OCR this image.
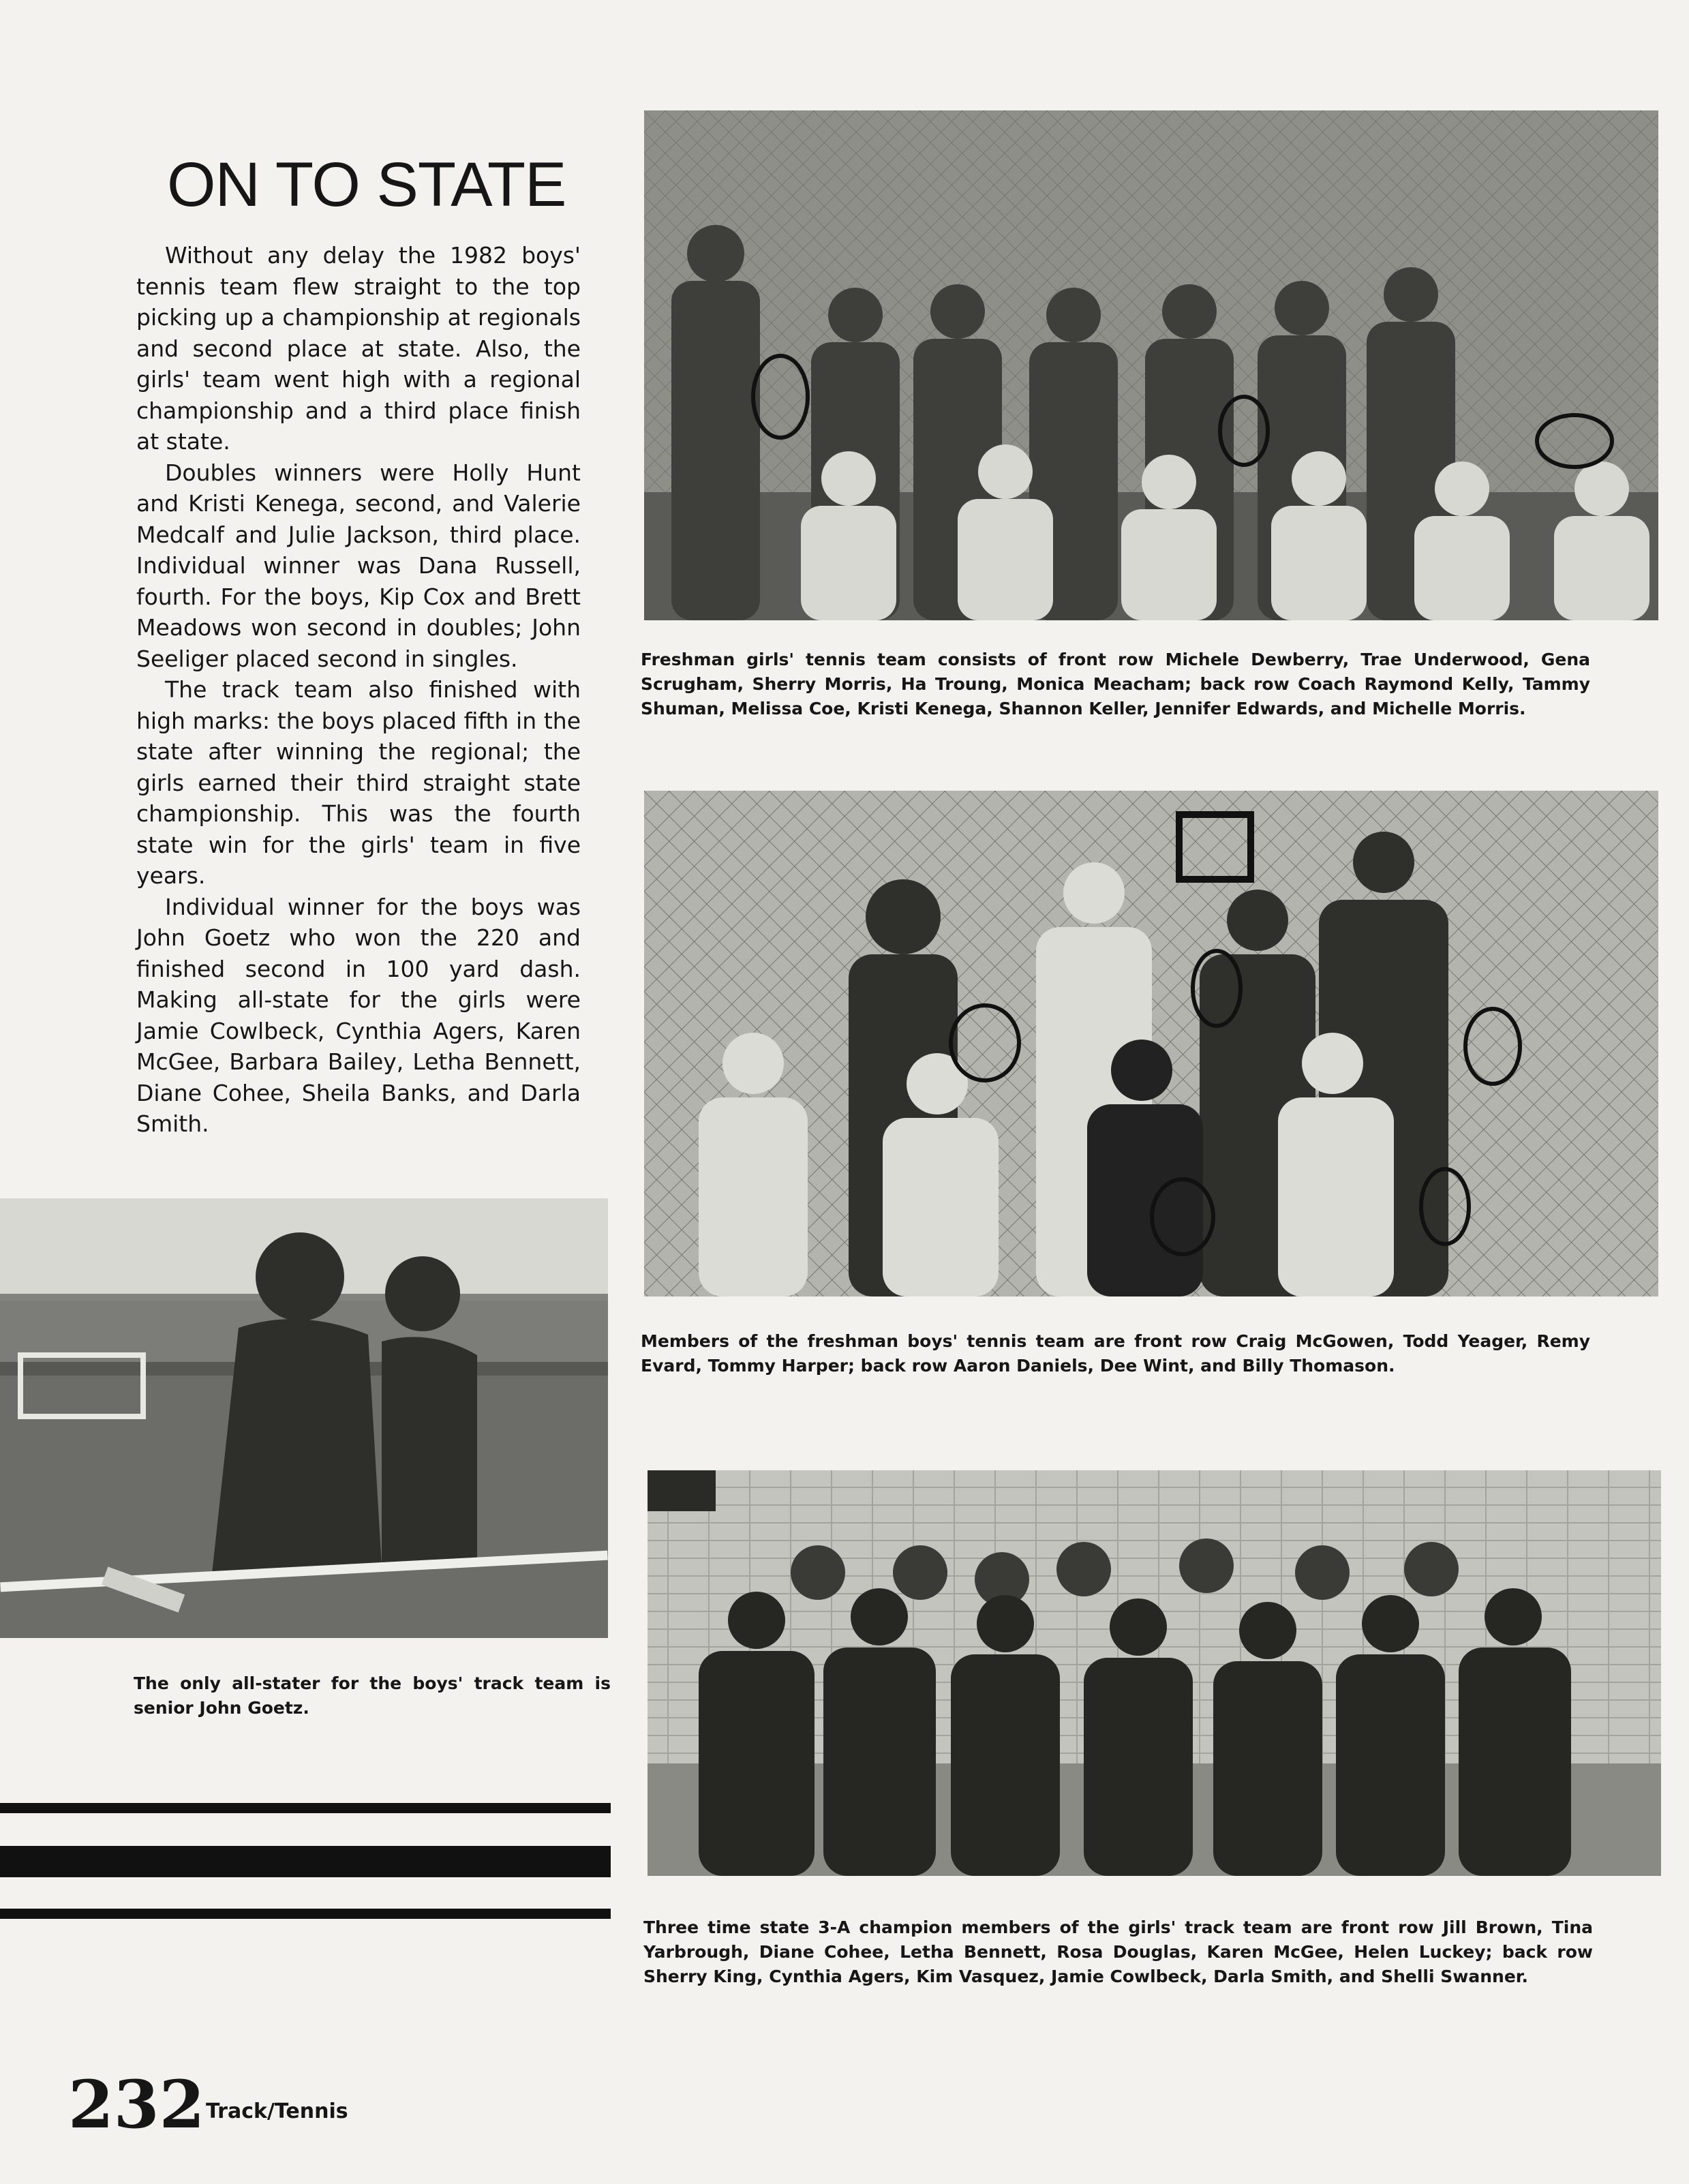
ON TO STATE

Without any delay the 1982 boys' tennis team flew straight to the top picking up a championship at regionals and second place at state. Also, the girls' team went high with a regional championship and a third place finish at state.

Doubles winners were Holly Hunt and Kristi Kenega, second, and Valerie Medcalf and Julie Jackson, third place. Individual winner was Dana Russell, fourth. For the boys, Kip Cox and Brett Meadows won second in doubles; John Seeliger placed second in singles.

The track team also finished with high marks: the boys placed fifth in the state after winning the regional; the girls earned their third straight state championship. This was the fourth state win for the girls' team in five years.

Individual winner for the boys was John Goetz who won the 220 and finished second in 100 yard dash. Making all-state for the girls were Jamie Cowlbeck, Cynthia Agers, Karen McGee, Barbara Bailey, Letha Bennett, Diane Cohee, Sheila Banks, and Darla Smith.

Freshman girls' tennis team consists of front row Michele Dewberry, Trae Underwood, Gena Scrugham, Sherry Morris, Ha Troung, Monica Meacham; back row Coach Raymond Kelly, Tammy Shuman, Melissa Coe, Kristi Kenega, Shannon Keller, Jennifer Edwards, and Michelle Morris.

Members of the freshman boys' tennis team are front row Craig McGowen, Todd Yeager, Remy Evard, Tommy Harper; back row Aaron Daniels, Dee Wint, and Billy Thomason.

The only all-stater for the boys' track team is senior John Goetz.

Three time state 3-A champion members of the girls' track team are front row Jill Brown, Tina Yarbrough, Diane Cohee, Letha Bennett, Rosa Douglas, Karen McGee, Helen Luckey; back row Sherry King, Cynthia Agers, Kim Vasquez, Jamie Cowlbeck, Darla Smith, and Shelli Swanner.

232 Track/Tennis
